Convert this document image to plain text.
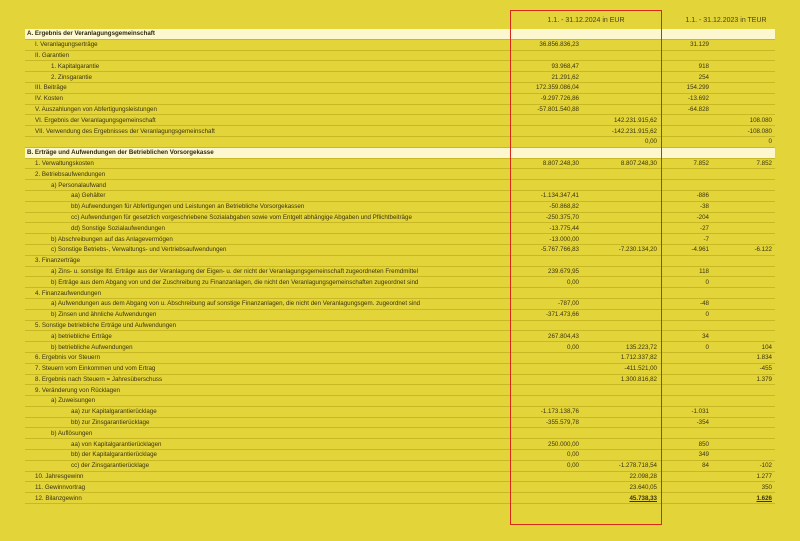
1.1. - 31.12.2024 in EUR	1.1. - 31.12.2023 in TEUR
A. Ergebnis der Veranlagungsgemeinschaft				
I. Veranlagungserträge	36.856.836,23		31.129	
II. Garantien				
1. Kapitalgarantie	93.968,47		918	
2. Zinsgarantie	21.291,62		254	
III. Beiträge	172.359.086,04		154.299	
IV. Kosten	-9.297.726,86		-13.692	
V. Auszahlungen von Abfertigungsleistungen	-57.801.540,88		-64.828	
VI. Ergebnis der Veranlagungsgemeinschaft		142.231.915,62		108.080
VII. Verwendung des Ergebnisses der Veranlagungsgemeinschaft		-142.231.915,62		-108.080
		0,00		0
B. Erträge und Aufwendungen der Betrieblichen Vorsorgekasse				
1. Verwaltungskosten	8.807.248,30	8.807.248,30	7.852	7.852
2. Betriebsaufwendungen				
a) Personalaufwand				
aa) Gehälter	-1.134.347,41		-886	
bb) Aufwendungen für Abfertigungen und Leistungen an Betriebliche Vorsorgekassen	-50.868,82		-38	
cc) Aufwendungen für gesetzlich vorgeschriebene Sozialabgaben sowie vom Entgelt abhängige Abgaben und Pflichtbeiträge	-250.375,70		-204	
dd) Sonstige Sozialaufwendungen	-13.775,44		-27	
b) Abschreibungen auf das Anlagevermögen	-13.000,00		-7	
c) Sonstige Betriebs-, Verwaltungs- und Vertriebsaufwendungen	-5.767.766,83	-7.230.134,20	-4.961	-6.122
3. Finanzerträge				
a) Zins- u. sonstige lfd. Erträge aus der Veranlagung der Eigen- u. der nicht der Veranlagungsgemeinschaft zugeordneten Fremdmittel	239.679,95		118	
b) Erträge aus dem Abgang von und der Zuschreibung zu Finanzanlagen, die nicht den Veranlagungsgemeinschaften zugeordnet sind	0,00		0	
4. Finanzaufwendungen				
a) Aufwendungen aus dem Abgang von u. Abschreibung auf sonstige Finanzanlagen, die nicht den Veranlagungsgem. zugeordnet sind	-787,00		-48	
b) Zinsen und ähnliche Aufwendungen	-371.473,66		0	
5. Sonstige betriebliche Erträge und Aufwendungen				
a) betriebliche Erträge	267.804,43		34	
b) betriebliche Aufwendungen	0,00	135.223,72	0	104
6. Ergebnis vor Steuern		1.712.337,82		1.834
7. Steuern vom Einkommen und vom Ertrag		-411.521,00		-455
8. Ergebnis nach Steuern = Jahresüberschuss		1.300.816,82		1.379
9. Veränderung von Rücklagen				
a) Zuweisungen				
aa) zur Kapitalgarantierücklage	-1.173.138,76		-1.031	
bb) zur Zinsgarantierücklage	-355.579,78		-354	
b) Auflösungen				
aa) von Kapitalgarantierücklagen	250.000,00		850	
bb) der Kapitalgarantierücklage	0,00		349	
cc) der Zinsgarantierücklage	0,00	-1.278.718,54	84	-102
10. Jahresgewinn		22.098,28		1.277
11. Gewinnvortrag		23.640,05		350
12. Bilanzgewinn		45.738,33		1.626
